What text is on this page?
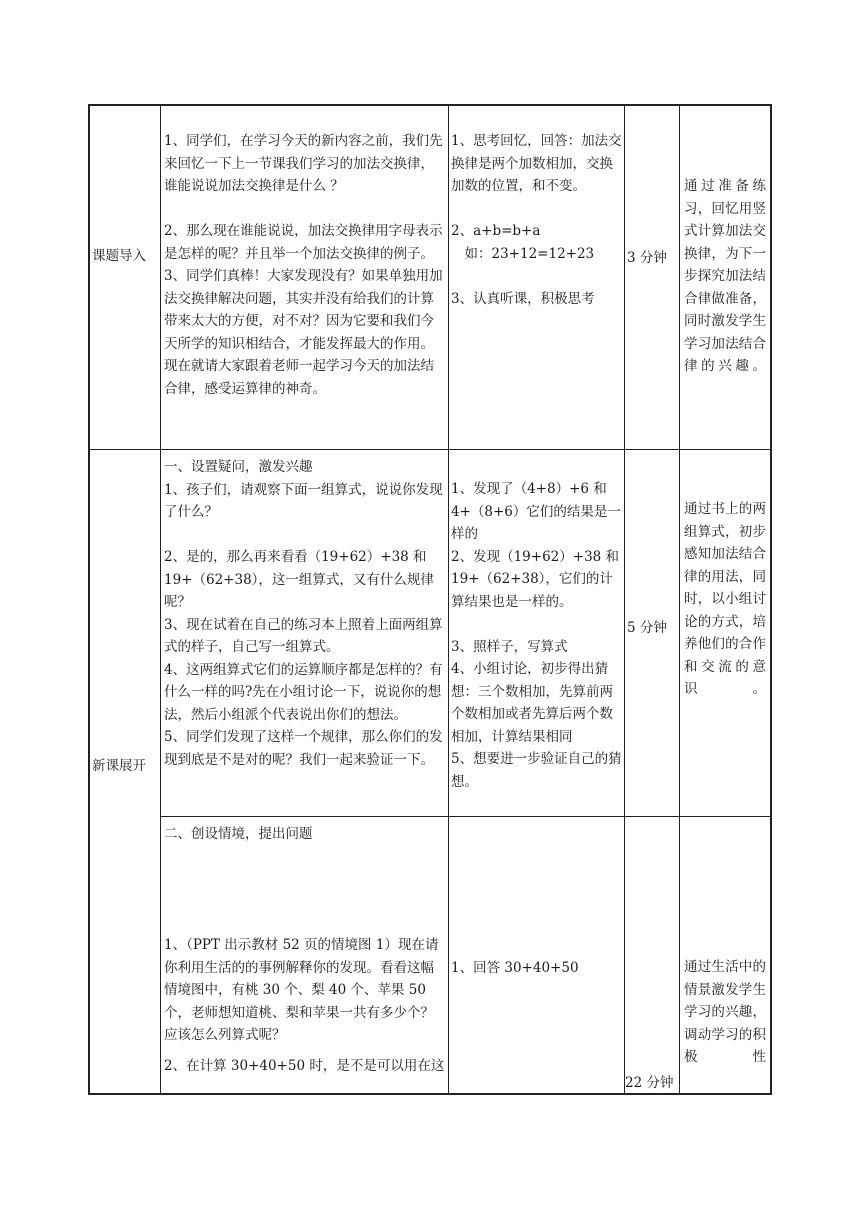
课题导入

1、同学们，在学习今天的新内容之前，我们先来回忆一下上一节课我们学习的加法交换律，谁能说说加法交换律是什么 ？

2、那么现在谁能说说，加法交换律用字母表示是怎样的呢？并且举一个加法交换律的例子。

3、同学们真棒！大家发现没有？如果单独用加法交换律解决问题，其实并没有给我们的计算带来太大的方便，对不对？因为它要和我们今天所学的知识相结合，才能发挥最大的作用。现在就请大家跟着老师一起学习今天的加法结合律，感受运算律的神奇。

1、思考回忆，回答：加法交换律是两个加数相加，交换加数的位置，和不变。

2、a+b=b+a

　如：23+12=12+23

3、认真听课，积极思考

3 分钟
通过准备练习，回忆用竖式计算加法交换律，为下一步探究加法结合律做准备，同时激发学生学习加法结合律的兴趣。
新课展开

一、设置疑问，激发兴趣

1、孩子们，请观察下面一组算式，说说你发现了什么？

2、是的，那么再来看看（19+62）+38 和 19+（62+38），这一组算式，又有什么规律呢？

3、现在试着在自己的练习本上照着上面两组算式的样子，自己写一组算式。

4、这两组算式它们的运算顺序都是怎样的？有什么一样的吗?先在小组讨论一下，说说你的想法，然后小组派个代表说出你们的想法。

5、同学们发现了这样一个规律，那么你们的发现到底是不是对的呢？我们一起来验证一下。

1、发现了（4+8）+6 和 4+（8+6）它们的结果是一样的

2、发现（19+62）+38 和 19+（62+38），它们的计算结果也是一样的。

3、照样子，写算式

4、小组讨论，初步得出猜想：三个数相加，先算前两个数相加或者先算后两个数相加，计算结果相同

5、想要进一步验证自己的猜想。

5 分钟
通过书上的两组算式，初步感知加法结合律的用法，同时，以小组讨论的方式，培养他们的合作和交流的意识。

二、创设情境，提出问题

1、（PPT 出示教材 52 页的情境图 1）现在请你利用生活的的事例解释你的发现。看看这幅情境图中，有桃 30 个、梨 40 个、苹果 50 个，老师想知道桃、梨和苹果一共有多少个？应该怎么列算式呢？

2、在计算 30+40+50 时，是不是可以用在这

1、回答 30+40+50

22 分钟
通过生活中的情景激发学生学习的兴趣，调动学习的积极性
